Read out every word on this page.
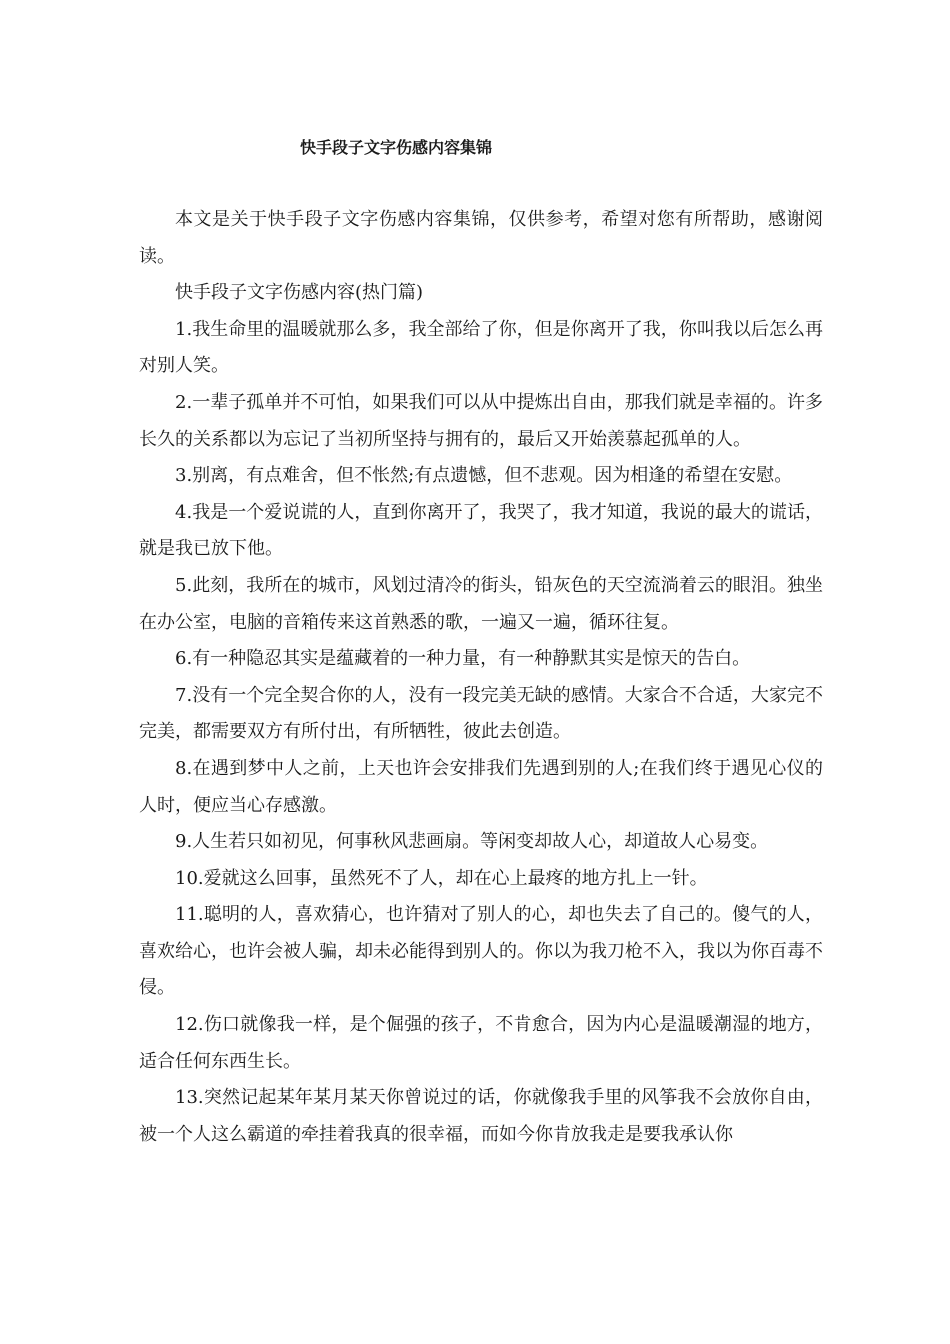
快手段子文字伤感内容集锦

本文是关于快手段子文字伤感内容集锦，仅供参考，希望对您有所帮助，感谢阅读。

快手段子文字伤感内容(热门篇)

1.我生命里的温暖就那么多，我全部给了你，但是你离开了我，你叫我以后怎么再对别人笑。

2.一辈子孤单并不可怕，如果我们可以从中提炼出自由，那我们就是幸福的。许多长久的关系都以为忘记了当初所坚持与拥有的，最后又开始羡慕起孤单的人。

3.别离，有点难舍，但不怅然;有点遗憾，但不悲观。因为相逢的希望在安慰。

4.我是一个爱说谎的人，直到你离开了，我哭了，我才知道，我说的最大的谎话，就是我已放下他。

5.此刻，我所在的城市，风划过清冷的街头，铅灰色的天空流淌着云的眼泪。独坐在办公室，电脑的音箱传来这首熟悉的歌，一遍又一遍，循环往复。

6.有一种隐忍其实是蕴藏着的一种力量，有一种静默其实是惊天的告白。

7.没有一个完全契合你的人，没有一段完美无缺的感情。大家合不合适，大家完不完美，都需要双方有所付出，有所牺牲，彼此去创造。

8.在遇到梦中人之前，上天也许会安排我们先遇到别的人;在我们终于遇见心仪的人时，便应当心存感激。

9.人生若只如初见，何事秋风悲画扇。等闲变却故人心，却道故人心易变。

10.爱就这么回事，虽然死不了人，却在心上最疼的地方扎上一针。

11.聪明的人，喜欢猜心，也许猜对了别人的心，却也失去了自己的。傻气的人，喜欢给心，也许会被人骗，却未必能得到别人的。你以为我刀枪不入，我以为你百毒不侵。

12.伤口就像我一样，是个倔强的孩子，不肯愈合，因为内心是温暖潮湿的地方，适合任何东西生长。

13.突然记起某年某月某天你曾说过的话，你就像我手里的风筝我不会放你自由，被一个人这么霸道的牵挂着我真的很幸福，而如今你肯放我走是要我承认你
